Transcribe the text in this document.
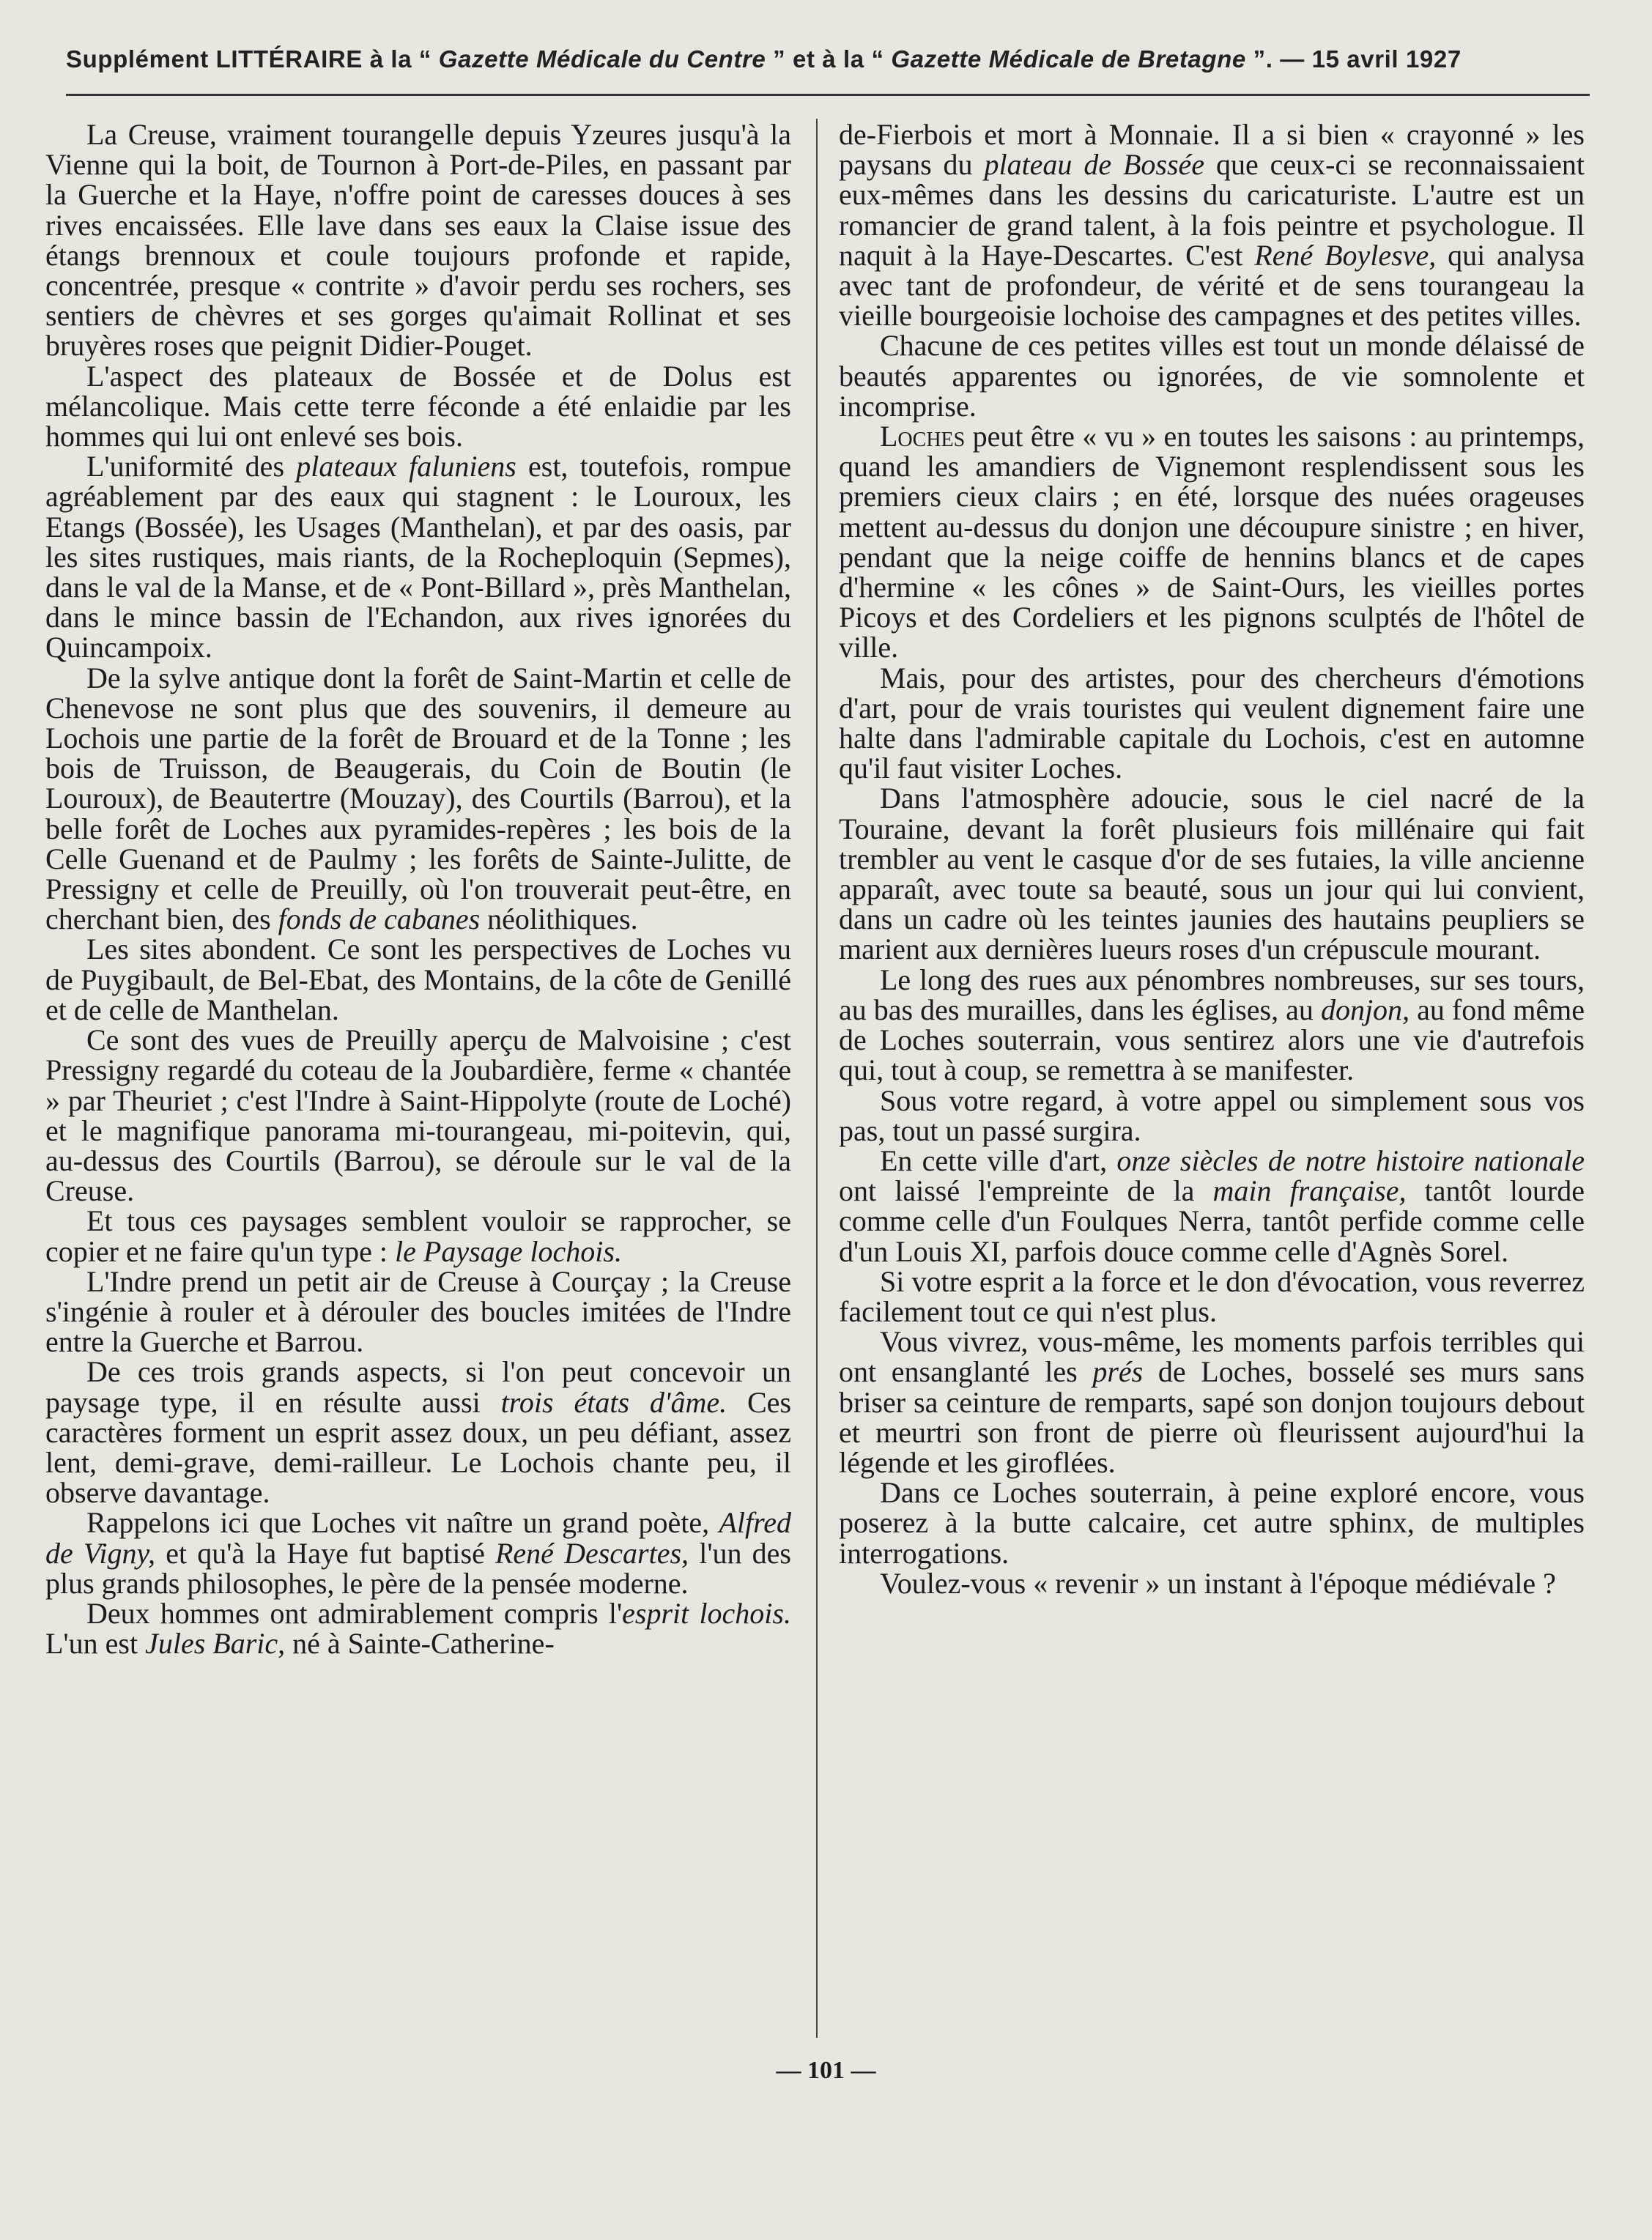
Supplément LITTÉRAIRE à la “ Gazette Médicale du Centre ” et à la “ Gazette Médicale de Bretagne ”. — 15 avril 1927

La Creuse, vraiment tourangelle depuis Yzeures jusqu'à la Vienne qui la boit, de Tournon à Port-de-Piles, en passant par la Guerche et la Haye, n'offre point de caresses douces à ses rives encaissées. Elle lave dans ses eaux la Claise issue des étangs brennoux et coule toujours profonde et rapide, concentrée, presque « contrite » d'avoir perdu ses rochers, ses sentiers de chèvres et ses gorges qu'aimait Rollinat et ses bruyères roses que peignit Didier-Pouget.

L'aspect des plateaux de Bossée et de Dolus est mélancolique. Mais cette terre féconde a été enlaidie par les hommes qui lui ont enlevé ses bois.

L'uniformité des plateaux faluniens est, toutefois, rompue agréablement par des eaux qui stagnent : le Louroux, les Etangs (Bossée), les Usages (Manthelan), et par des oasis, par les sites rustiques, mais riants, de la Rocheploquin (Sepmes), dans le val de la Manse, et de « Pont-Billard », près Manthelan, dans le mince bassin de l'Echandon, aux rives ignorées du Quincampoix.

De la sylve antique dont la forêt de Saint-Martin et celle de Chenevose ne sont plus que des souvenirs, il demeure au Lochois une partie de la forêt de Brouard et de la Tonne ; les bois de Truisson, de Beaugerais, du Coin de Boutin (le Louroux), de Beautertre (Mouzay), des Courtils (Barrou), et la belle forêt de Loches aux pyramides-repères ; les bois de la Celle Guenand et de Paulmy ; les forêts de Sainte-Julitte, de Pressigny et celle de Preuilly, où l'on trouverait peut-être, en cherchant bien, des fonds de cabanes néolithiques.

Les sites abondent. Ce sont les perspectives de Loches vu de Puygibault, de Bel-Ebat, des Montains, de la côte de Genillé et de celle de Manthelan.

Ce sont des vues de Preuilly aperçu de Malvoisine ; c'est Pressigny regardé du coteau de la Joubardière, ferme « chantée » par Theuriet ; c'est l'Indre à Saint-Hippolyte (route de Loché) et le magnifique panorama mi-tourangeau, mi-poitevin, qui, au-dessus des Courtils (Barrou), se déroule sur le val de la Creuse.

Et tous ces paysages semblent vouloir se rapprocher, se copier et ne faire qu'un type : le Paysage lochois.

L'Indre prend un petit air de Creuse à Courçay ; la Creuse s'ingénie à rouler et à dérouler des boucles imitées de l'Indre entre la Guerche et Barrou.

De ces trois grands aspects, si l'on peut concevoir un paysage type, il en résulte aussi trois états d'âme. Ces caractères forment un esprit assez doux, un peu défiant, assez lent, demi-grave, demi-railleur. Le Lochois chante peu, il observe davantage.

Rappelons ici que Loches vit naître un grand poète, Alfred de Vigny, et qu'à la Haye fut baptisé René Descartes, l'un des plus grands philosophes, le père de la pensée moderne.

Deux hommes ont admirablement compris l'esprit lochois. L'un est Jules Baric, né à Sainte-Catherine-

de-Fierbois et mort à Monnaie. Il a si bien « crayonné » les paysans du plateau de Bossée que ceux-ci se reconnaissaient eux-mêmes dans les dessins du caricaturiste. L'autre est un romancier de grand talent, à la fois peintre et psychologue. Il naquit à la Haye-Descartes. C'est René Boylesve, qui analysa avec tant de profondeur, de vérité et de sens tourangeau la vieille bourgeoisie lochoise des campagnes et des petites villes.

Chacune de ces petites villes est tout un monde délaissé de beautés apparentes ou ignorées, de vie somnolente et incomprise.

Loches peut être « vu » en toutes les saisons : au printemps, quand les amandiers de Vignemont resplendissent sous les premiers cieux clairs ; en été, lorsque des nuées orageuses mettent au-dessus du donjon une découpure sinistre ; en hiver, pendant que la neige coiffe de hennins blancs et de capes d'hermine « les cônes » de Saint-Ours, les vieilles portes Picoys et des Cordeliers et les pignons sculptés de l'hôtel de ville.

Mais, pour des artistes, pour des chercheurs d'émotions d'art, pour de vrais touristes qui veulent dignement faire une halte dans l'admirable capitale du Lochois, c'est en automne qu'il faut visiter Loches.

Dans l'atmosphère adoucie, sous le ciel nacré de la Touraine, devant la forêt plusieurs fois millénaire qui fait trembler au vent le casque d'or de ses futaies, la ville ancienne apparaît, avec toute sa beauté, sous un jour qui lui convient, dans un cadre où les teintes jaunies des hautains peupliers se marient aux dernières lueurs roses d'un crépuscule mourant.

Le long des rues aux pénombres nombreuses, sur ses tours, au bas des murailles, dans les églises, au donjon, au fond même de Loches souterrain, vous sentirez alors une vie d'autrefois qui, tout à coup, se remettra à se manifester.

Sous votre regard, à votre appel ou simplement sous vos pas, tout un passé surgira.

En cette ville d'art, onze siècles de notre histoire nationale ont laissé l'empreinte de la main française, tantôt lourde comme celle d'un Foulques Nerra, tantôt perfide comme celle d'un Louis XI, parfois douce comme celle d'Agnès Sorel.

Si votre esprit a la force et le don d'évocation, vous reverrez facilement tout ce qui n'est plus.

Vous vivrez, vous-même, les moments parfois terribles qui ont ensanglanté les prés de Loches, bosselé ses murs sans briser sa ceinture de remparts, sapé son donjon toujours debout et meurtri son front de pierre où fleurissent aujourd'hui la légende et les giroflées.

Dans ce Loches souterrain, à peine exploré encore, vous poserez à la butte calcaire, cet autre sphinx, de multiples interrogations.

Voulez-vous « revenir » un instant à l'époque médiévale ?

— 101 —
